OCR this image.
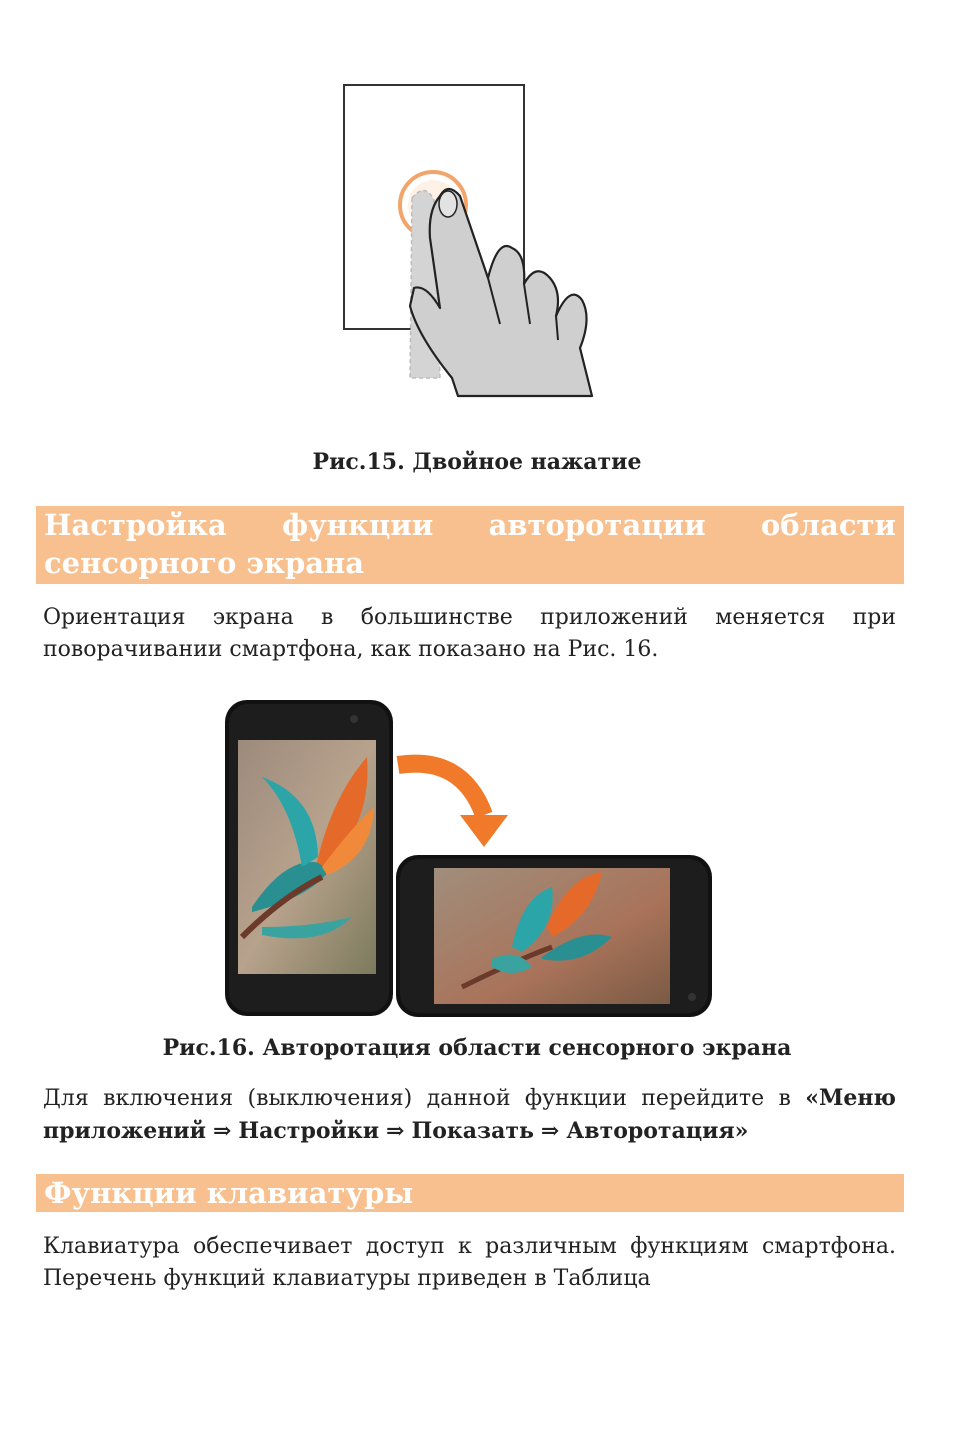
Рис.15. Двойное нажатие
Настройка функции авторотации области
сенсорного экрана
Ориентация экрана в большинстве приложений меняется при поворачивании смартфона, как показано на Рис. 16.
Рис.16. Авторотация области сенсорного экрана
Для включения (выключения) данной функции перейдите в «Меню приложений ⇒ Настройки ⇒ Показать ⇒ Авторотация»
Функции клавиатуры
Клавиатура обеспечивает доступ к различным функциям смартфона. Перечень функций клавиатуры приведен в Таблица
